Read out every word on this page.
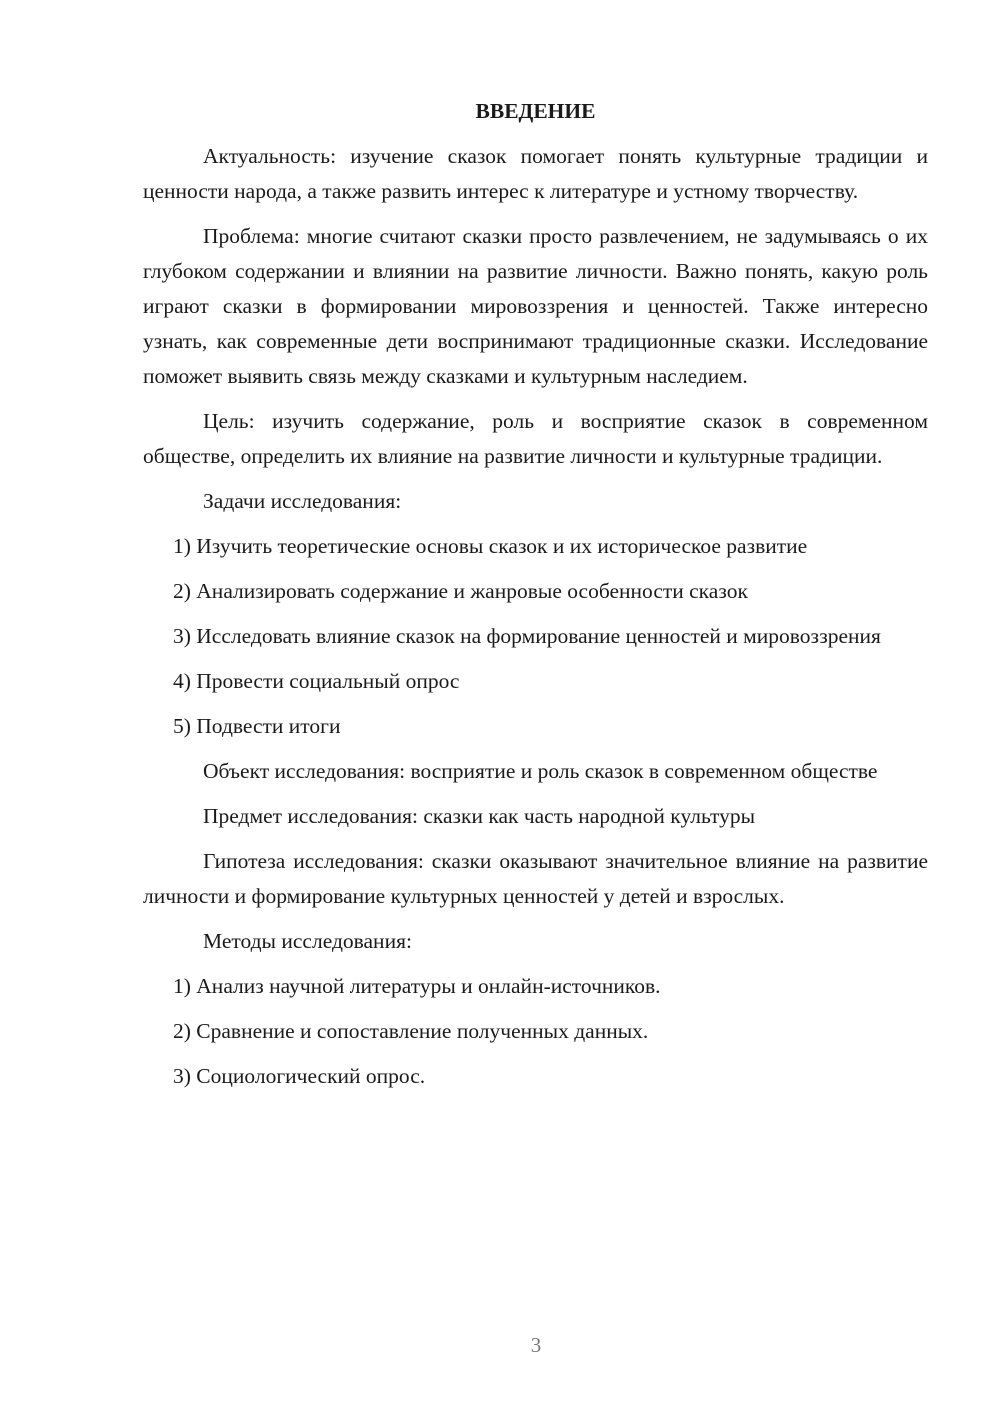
ВВЕДЕНИЕ

Актуальность: изучение сказок помогает понять культурные традиции и ценности народа, а также развить интерес к литературе и устному творчеству.

Проблема: многие считают сказки просто развлечением, не задумываясь о их глубоком содержании и влиянии на развитие личности. Важно понять, какую роль играют сказки в формировании мировоззрения и ценностей. Также интересно узнать, как современные дети воспринимают традиционные сказки. Исследование поможет выявить связь между сказками и культурным наследием.

Цель: изучить содержание, роль и восприятие сказок в современном обществе, определить их влияние на развитие личности и культурные традиции.

Задачи исследования:

1) Изучить теоретические основы сказок и их историческое развитие

2) Анализировать содержание и жанровые особенности сказок

3) Исследовать влияние сказок на формирование ценностей и мировоззрения

4) Провести социальный опрос

5) Подвести итоги

Объект исследования: восприятие и роль сказок в современном обществе

Предмет исследования: сказки как часть народной культуры

Гипотеза исследования: сказки оказывают значительное влияние на развитие личности и формирование культурных ценностей у детей и взрослых.

Методы исследования:

1) Анализ научной литературы и онлайн-источников.

2) Сравнение и сопоставление полученных данных.

3) Социологический опрос.

3
